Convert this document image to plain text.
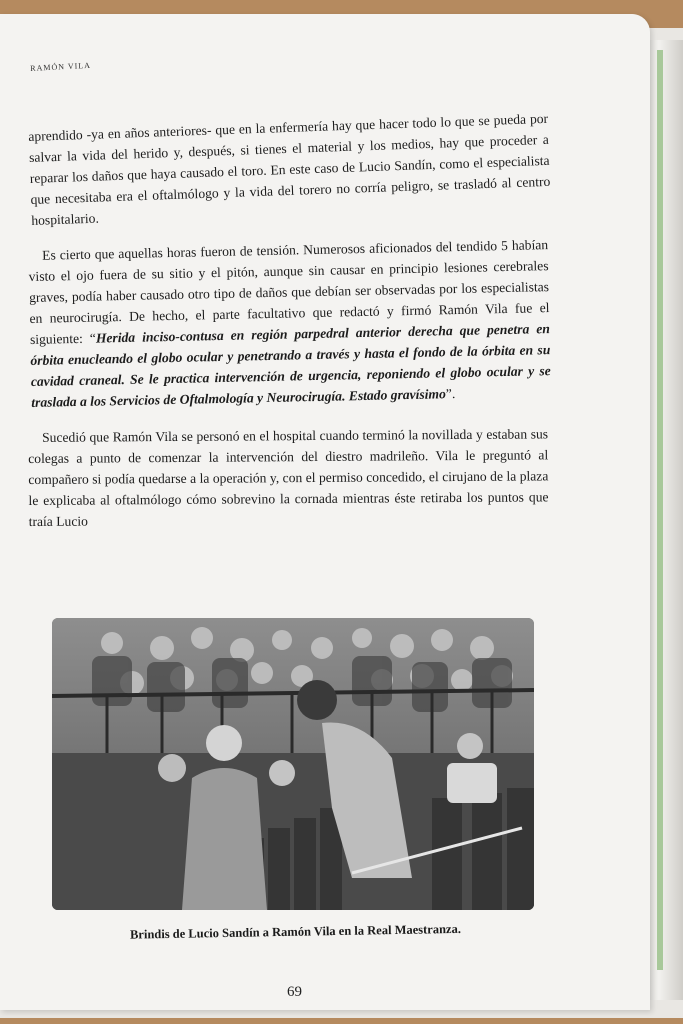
RAMÓN VILA

aprendido -ya en años anteriores- que en la enfermería hay que hacer todo lo que se pueda por salvar la vida del herido y, después, si tienes el material y los medios, hay que proceder a reparar los daños que haya causado el toro. En este caso de Lucio Sandín, como el especialista que necesitaba era el oftalmólogo y la vida del torero no corría peligro, se trasladó al centro hospitalario.

Es cierto que aquellas horas fueron de tensión. Numerosos aficionados del tendido 5 habían visto el ojo fuera de su sitio y el pitón, aunque sin causar en principio lesiones cerebrales graves, podía haber causado otro tipo de daños que debían ser observadas por los especialistas en neurocirugía. De hecho, el parte facultativo que redactó y firmó Ramón Vila fue el siguiente: “Herida inciso-contusa en región parpedral anterior derecha que penetra en órbita enucleando el globo ocular y penetrando a través y hasta el fondo de la órbita en su cavidad craneal. Se le practica intervención de urgencia, reponiendo el globo ocular y se traslada a los Servicios de Oftalmología y Neurocirugía. Estado gravísimo”.

Sucedió que Ramón Vila se personó en el hospital cuando terminó la novillada y estaban sus colegas a punto de comenzar la intervención del diestro madrileño. Vila le preguntó al compañero si podía quedarse a la operación y, con el permiso concedido, el cirujano de la plaza le explicaba al oftalmólogo cómo sobrevino la cornada mientras éste retiraba los puntos que traía Lucio

Brindis de Lucio Sandín a Ramón Vila en la Real Maestranza.
69
